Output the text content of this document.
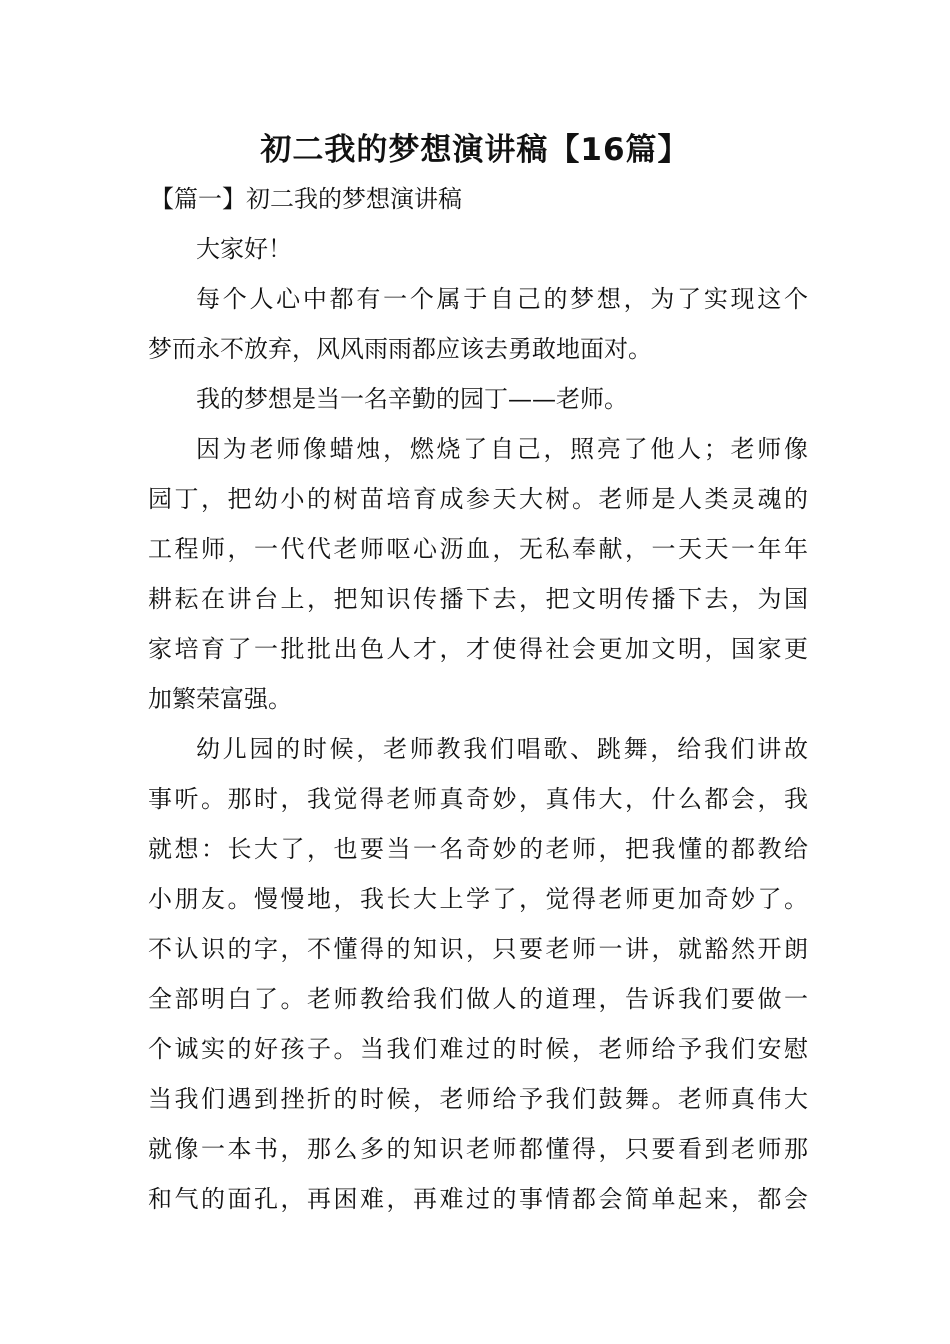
初二我的梦想演讲稿【16篇】
【篇一】初二我的梦想演讲稿

大家好！

每个人心中都有一个属于自己的梦想，为了实现这个
梦而永不放弃，风风雨雨都应该去勇敢地面对。

我的梦想是当一名辛勤的园丁——老师。

因为老师像蜡烛，燃烧了自己，照亮了他人；老师像
园丁，把幼小的树苗培育成参天大树。老师是人类灵魂的
工程师，一代代老师呕心沥血，无私奉献，一天天一年年
耕耘在讲台上，把知识传播下去，把文明传播下去，为国
家培育了一批批出色人才，才使得社会更加文明，国家更
加繁荣富强。

幼儿园的时候，老师教我们唱歌、跳舞，给我们讲故
事听。那时，我觉得老师真奇妙，真伟大，什么都会，我
就想：长大了，也要当一名奇妙的老师，把我懂的都教给
小朋友。慢慢地，我长大上学了，觉得老师更加奇妙了。
不认识的字，不懂得的知识，只要老师一讲，就豁然开朗
全部明白了。老师教给我们做人的道理，告诉我们要做一
个诚实的好孩子。当我们难过的时候，老师给予我们安慰
当我们遇到挫折的时候，老师给予我们鼓舞。老师真伟大
就像一本书，那么多的知识老师都懂得，只要看到老师那
和气的面孔，再困难，再难过的事情都会简单起来，都会
